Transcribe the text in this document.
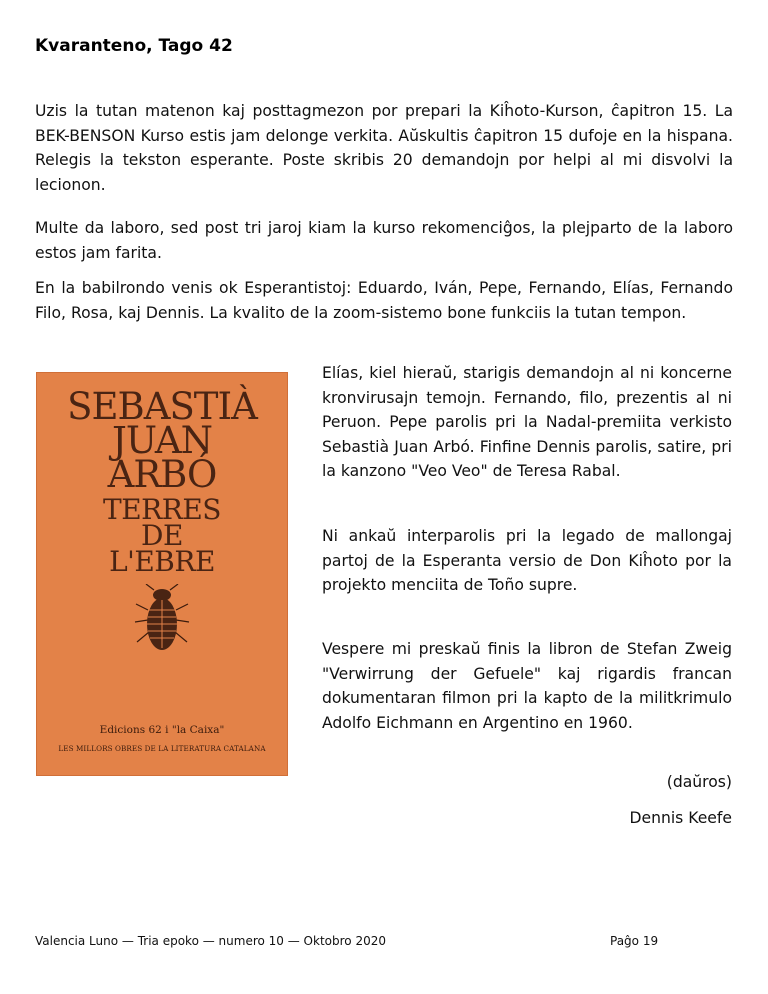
Kvaranteno, Tago 42

Uzis la tutan matenon kaj posttagmezon por prepari la Kiĥoto-Kurson, ĉapitron 15. La BEK-BENSON Kurso estis jam delonge verkita. Aŭskultis ĉapitron 15 dufoje en la hispana. Relegis la tekston esperante. Poste skribis 20 demandojn por helpi al mi disvolvi la lecionon.

Multe da laboro, sed post tri jaroj kiam la kurso rekomenciĝos, la plejparto de la laboro estos jam farita.

En la babilrondo venis ok Esperantistoj: Eduardo, Iván, Pepe, Fernando, Elías, Fernando Filo, Rosa, kaj Dennis. La kvalito de la zoom-sistemo bone funkciis la tutan tempon.

SEBASTIÀ
JUAN
ARBÓ
TERRES
DE
L'EBRE
Edicions 62 i "la Caixa"
LES MILLORS OBRES DE LA LITERATURA CATALANA

Elías, kiel hieraŭ, starigis demandojn al ni koncerne kronvirusajn temojn. Fernando, filo, prezentis al ni Peruon. Pepe parolis pri la Nadal-premiita verkisto Sebastià Juan Arbó. Finfine Dennis parolis, satire, pri la kanzono "Veo Veo" de Teresa Rabal.

Ni ankaŭ interparolis pri la legado de mallongaj partoj de la Esperanta versio de Don Kiĥoto por la projekto menciita de Toño supre.

Vespere mi preskaŭ finis la libron de Stefan Zweig "Verwirrung der Gefuele" kaj rigardis francan dokumentaran filmon pri la kapto de la militkrimulo Adolfo Eichmann en Argentino en 1960.

(daŭros)
Dennis Keefe
Valencia Luno — Tria epoko — numero 10 — Oktobro 2020	Paĝo 19
